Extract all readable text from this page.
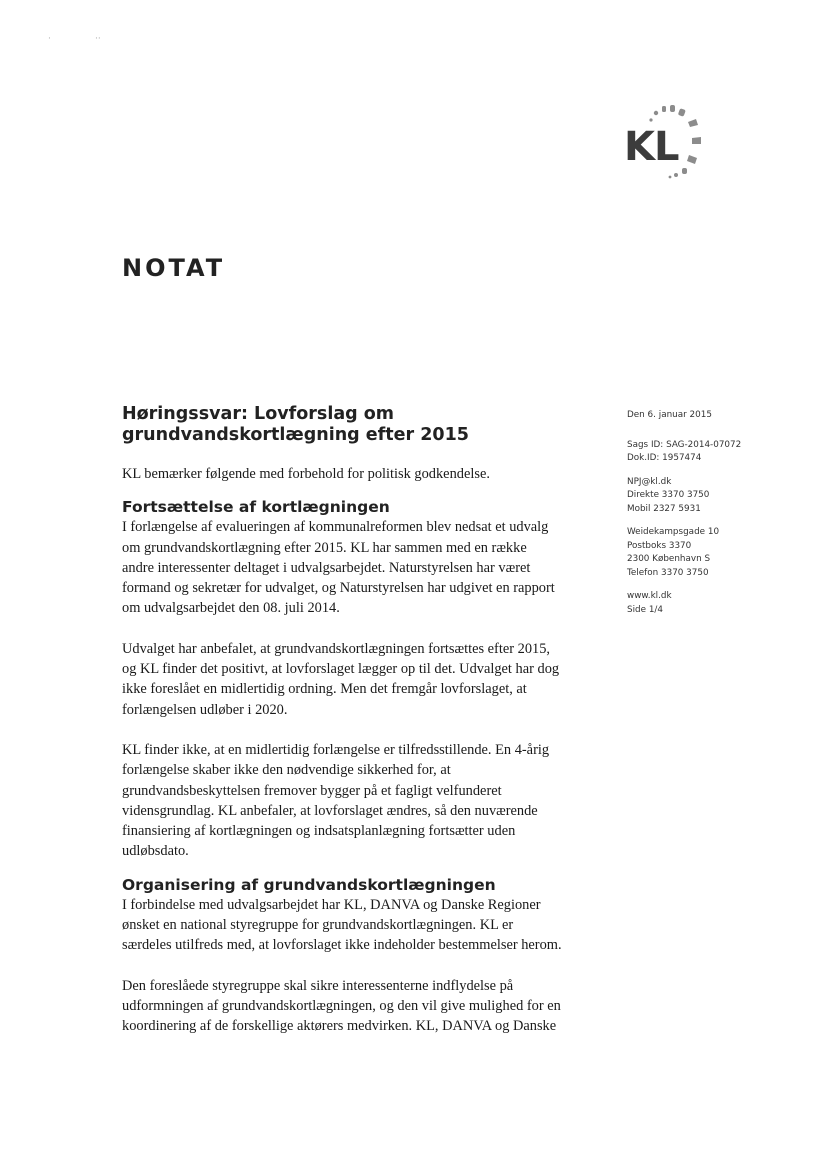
KL
·	··
NOTAT
Høringssvar: Lovforslag om
grundvandskortlægning efter 2015

KL bemærker følgende med forbehold for politisk godkendelse.

Fortsættelse af kortlægningen

I forlængelse af evalueringen af kommunalreformen blev nedsat et udvalg
om grundvandskortlægning efter 2015. KL har sammen med en række
andre interessenter deltaget i udvalgsarbejdet. Naturstyrelsen har været
formand og sekretær for udvalget, og Naturstyrelsen har udgivet en rapport
om udvalgsarbejdet den 08. juli 2014.

Udvalget har anbefalet, at grundvandskortlægningen fortsættes efter 2015,
og KL finder det positivt, at lovforslaget lægger op til det. Udvalget har dog
ikke foreslået en midlertidig ordning. Men det fremgår lovforslaget, at
forlængelsen udløber i 2020.

KL finder ikke, at en midlertidig forlængelse er tilfredsstillende. En 4-årig
forlængelse skaber ikke den nødvendige sikkerhed for, at
grundvandsbeskyttelsen fremover bygger på et fagligt velfunderet
vidensgrundlag. KL anbefaler, at lovforslaget ændres, så den nuværende
finansiering af kortlægningen og indsatsplanlægning fortsætter uden
udløbsdato.

Organisering af grundvandskortlægningen

I forbindelse med udvalgsarbejdet har KL, DANVA og Danske Regioner
ønsket en national styregruppe for grundvandskortlægningen. KL er
særdeles utilfreds med, at lovforslaget ikke indeholder bestemmelser herom.

Den foreslåede styregruppe skal sikre interessenterne indflydelse på
udformningen af grundvandskortlægningen, og den vil give mulighed for en
koordinering af de forskellige aktørers medvirken. KL, DANVA og Danske

Den 6. januar 2015
Sags ID: SAG-2014-07072
Dok.ID: 1957474
NPJ@kl.dk
Direkte 3370 3750
Mobil 2327 5931
Weidekampsgade 10
Postboks 3370
2300 København S
Telefon 3370 3750
www.kl.dk
Side 1/4
